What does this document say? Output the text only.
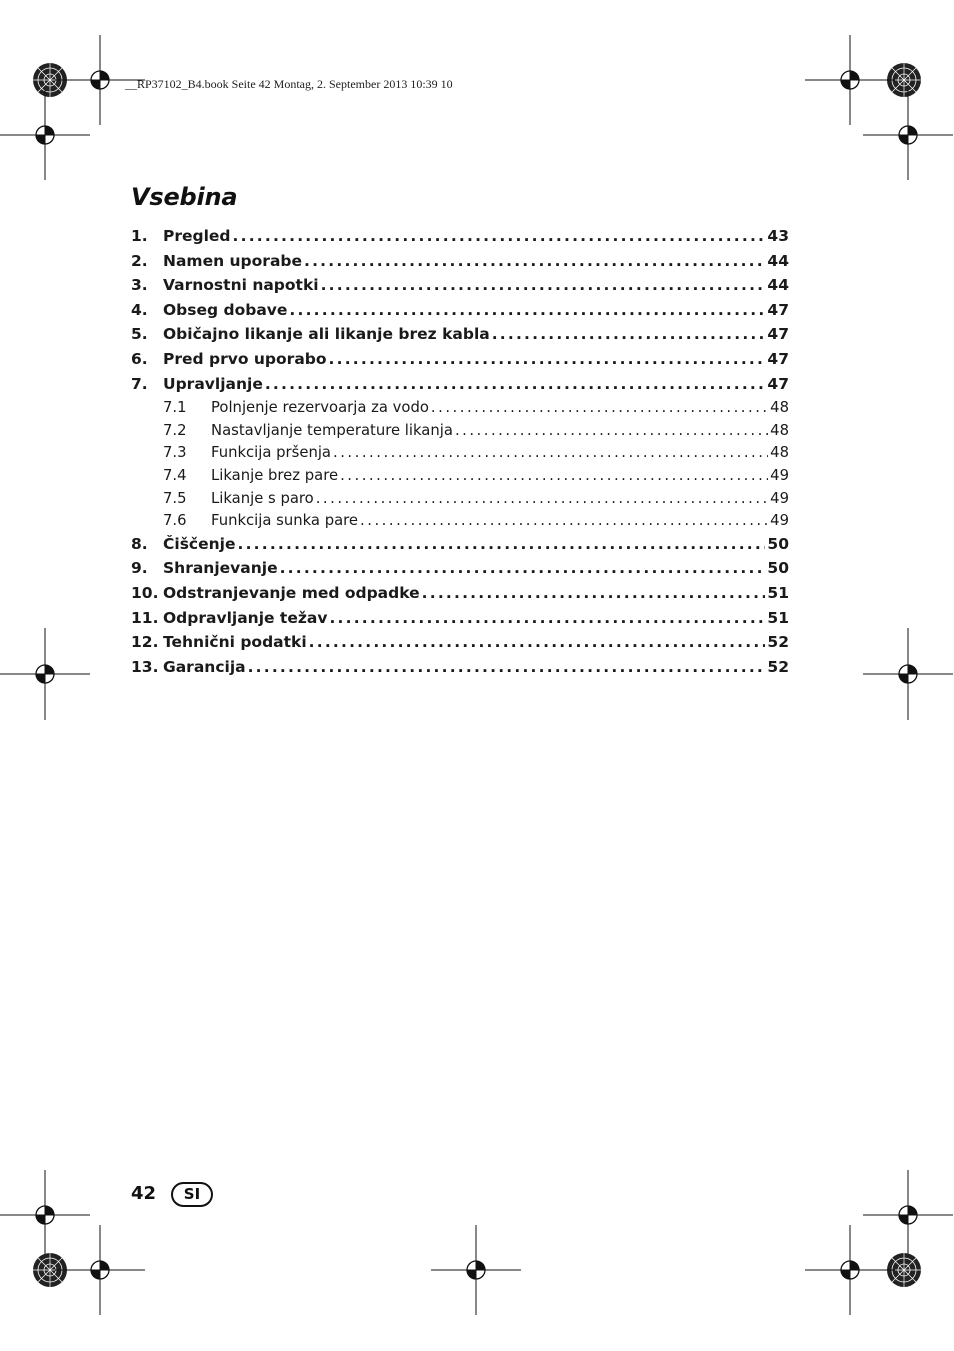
__RP37102_B4.book Seite 42 Montag, 2. September 2013 10:39 10
Vsebina
1. Pregled . . .	43
2. Namen uporabe . . .	44
3. Varnostni napotki . . .	44
4. Obseg dobave . . .	47
5. Običajno likanje ali likanje brez kabla . . .	47
6. Pred prvo uporabo . . .	47
7. Upravljanje . . .	47
7.1	Polnjenje rezervoarja za vodo . . .	48
7.2	Nastavljanje temperature likanja . . .	48
7.3	Funkcija pršenja . . .	48
7.4	Likanje brez pare . . .	49
7.5	Likanje s paro . . .	49
7.6	Funkcija sunka pare . . .	49
8. Čiščenje . . .	50
9. Shranjevanje . . .	50
10. Odstranjevanje med odpadke . . .	51
11. Odpravljanje težav . . .	51
12. Tehnični podatki . . .	52
13. Garancija . . .	52
42	SI
